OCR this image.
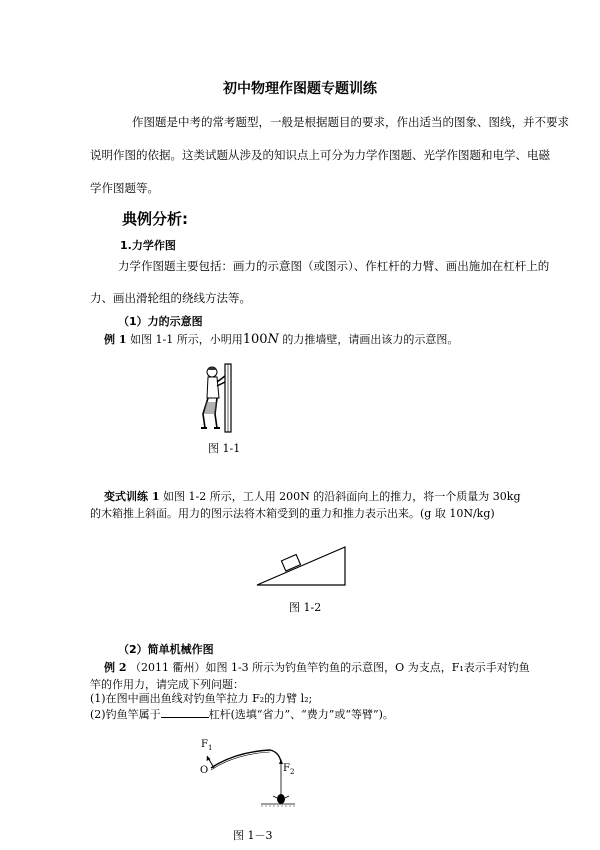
初中物理作图题专题训练
作图题是中考的常考题型，一般是根据题目的要求，作出适当的图象、图线，并不要求
说明作图的依据。这类试题从涉及的知识点上可分为力学作图题、光学作图题和电学、电磁
学作图题等。
典例分析:
1.力学作图
力学作图题主要包括：画力的示意图（或图示）、作杠杆的力臂、画出施加在杠杆上的
力、画出滑轮组的绕线方法等。
（1）力的示意图
例 1 如图 1-1 所示，小明用100N 的力推墙壁，请画出该力的示意图。
图 1-1
变式训练 1 如图 1-2 所示，工人用 200N 的沿斜面向上的推力，将一个质量为 30kg
的木箱推上斜面。用力的图示法将木箱受到的重力和推力表示出来。(g 取 10N/kg)
图 1-2
（2）简单机械作图
例 2 （2011 衢州）如图 1-3 所示为钓鱼竿钓鱼的示意图，O 为支点，F₁表示手对钓鱼
竿的作用力，请完成下列问题：
(1)在图中画出鱼线对钓鱼竿拉力 F₂的力臂 l₂;
(2)钓鱼竿属于	杠杆(选填“省力”、“费力”或“等臂”)。
$F_1$
O	$F_2$
图 1－3
